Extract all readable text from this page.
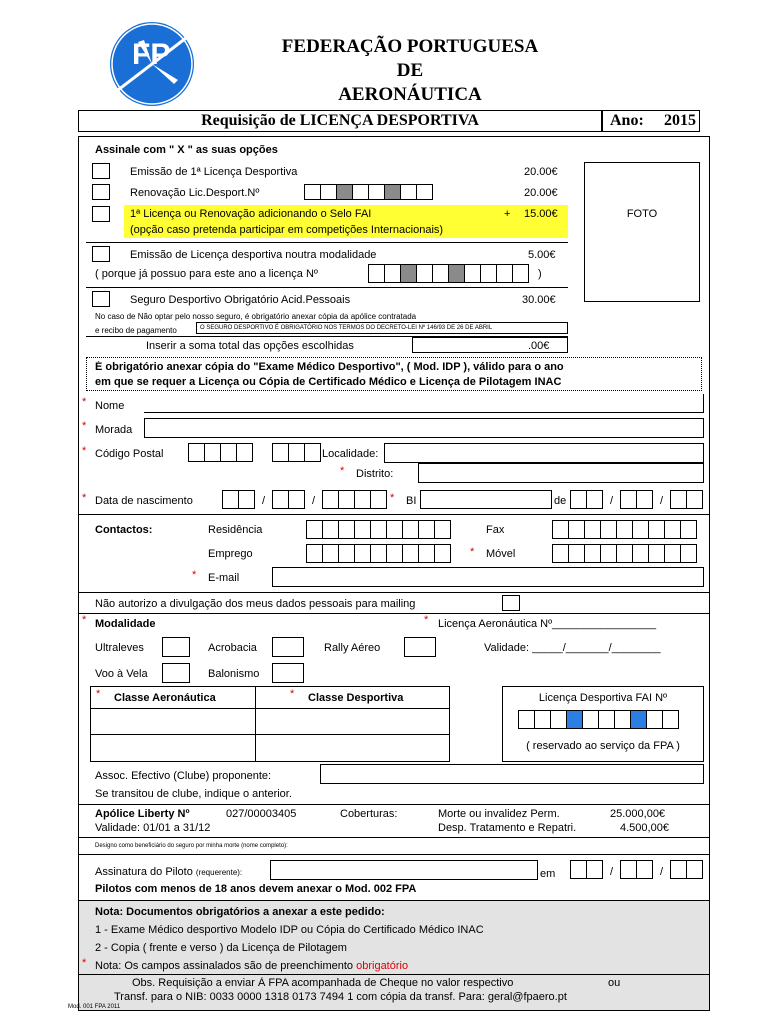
FP	FEDERAÇÃO PORTUGUESA
DE
AERONÁUTICA
Requisição de LICENÇA DESPORTIVA	Ano: 2015
Assinale com " X " as suas opções
Emissão de 1ª Licença Desportiva	20.00€
Renovação Lic.Desport.Nº	20.00€
1ª Licença ou Renovação adicionando o Selo FAI	+ 15.00€
(opção caso pretenda participar em competições Internacionais)
FOTO
Emissão de Licença desportiva noutra modalidade	5.00€
( porque já possuo para este ano a licença Nº	)
Seguro Desportivo Obrigatório Acid.Pessoais	30.00€
No caso de Não optar pelo nosso seguro, é obrigatório anexar cópia da apólice contratada
e recibo de pagamento	O SEGURO DESPORTIVO É OBRIGATÓRIO NOS TERMOS DO DECRETO-LEI Nº 146/93 DE 26 DE ABRIL
Inserir a soma total das opções escolhidas	.00€
É obrigatório anexar cópia do "Exame Médico Desportivo", ( Mod. IDP ), válido para o ano
em que se requer a Licença ou Cópia de Certificado Médico e Licença de Pilotagem INAC
* Nome
* Morada
* Código Postal	Localidade:
* Distrito:
* Data de nascimento	/	/	* BI	de	/	/
Contactos:	Residência	Fax
Emprego	* Móvel
* E-mail
Não autorizo a divulgação dos meus dados pessoais para mailing
* Modalidade	* Licença Aeronáutica Nº_________________
Ultraleves	Acrobacia	Rally Aéreo	Validade: _____/_______/________
Voo à Vela	Balonismo
* Classe Aeronáutica	* Classe Desportiva	Licença Desportiva FAI Nº
( reservado ao serviço da FPA )
Assoc. Efectivo (Clube) proponente:
Se transitou de clube, indique o anterior.
Apólice Liberty Nº	027/00003405	Coberturas:	Morte ou invalidez Perm.	25.000,00€
Validade: 01/01 a 31/12	Desp. Tratamento e Repatri.	4.500,00€
Designo como beneficiário do seguro por minha morte (nome completo):
Assinatura do Piloto (requerente):	em	/	/
Pilotos com menos de 18 anos devem anexar o Mod. 002 FPA
Nota: Documentos obrigatórios a anexar a este pedido:
1 - Exame Médico desportivo Modelo IDP ou Cópia do Certificado Médico INAC
2 - Copia ( frente e verso ) da Licença de Pilotagem
* Nota: Os campos assinalados são de preenchimento obrigatório
Obs. Requisição a enviar À FPA acompanhada de Cheque no valor respectivo	ou
Transf. para o NIB: 0033 0000 1318 0173 7494 1 com cópia da transf. Para: geral@fpaero.pt
Mod. 001 FPA 2011
